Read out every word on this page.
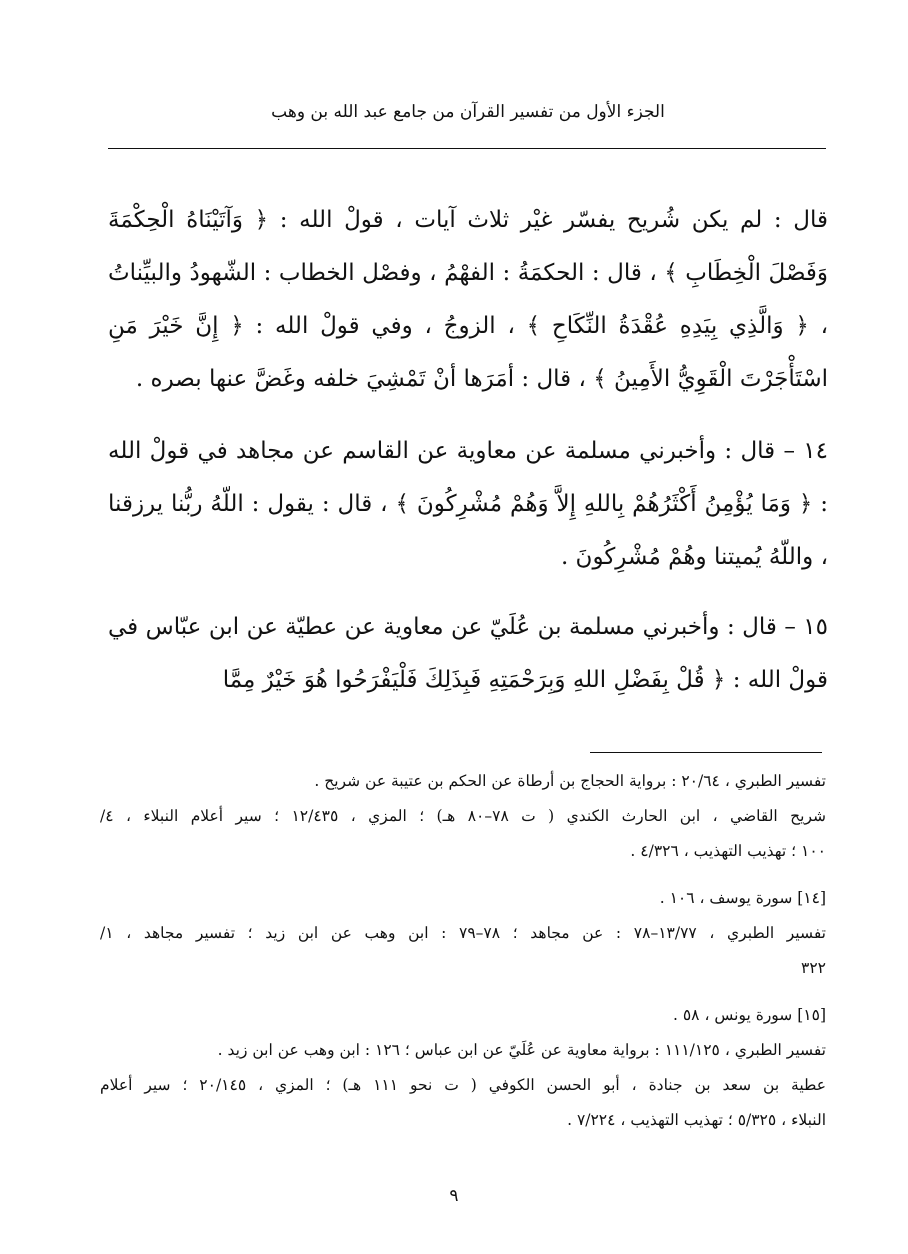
الجزء الأول من تفسير القرآن من جامع عبد الله بن وهب

قال : لم يكن شُريح يفسّر غيْر ثلاث آيات ، قولْ الله : ﴿ وَآتَيْنَاهُ الْحِكْمَةَ وَفَصْلَ الْخِطَابِ ﴾ ، قال : الحكمَةُ : الفهْمُ ، وفصْل الخطاب : الشّهودُ والبيِّناتُ ، ﴿ وَالَّذِي بِيَدِهِ عُقْدَةُ النِّكَاحِ ﴾ ، الزوجُ ، وفي قولْ الله : ﴿ إِنَّ خَيْرَ مَنِ اسْتَأْجَرْتَ الْقَوِيُّ الأَمِينُ ﴾ ، قال : أمَرَها أنْ تَمْشِيَ خلفه وغَضَّ عنها بصره .

١٤ – قال : وأخبرني مسلمة عن معاوية عن القاسم عن مجاهد في قولْ الله : ﴿ وَمَا يُؤْمِنُ أَكْثَرُهُمْ بِاللهِ إِلاَّ وَهُمْ مُشْرِكُونَ ﴾ ، قال : يقول : اللّهُ ربُّنا يرزقنا ، واللّهُ يُميتنا وهُمْ مُشْرِكُونَ .

١٥ – قال : وأخبرني مسلمة بن عُلَيّ عن معاوية عن عطيّة عن ابن عبّاس في قولْ الله : ﴿ قُلْ بِفَضْلِ اللهِ وَبِرَحْمَتِهِ فَبِذَلِكَ فَلْيَفْرَحُوا هُوَ خَيْرٌ مِمَّا

تفسير الطبري ، ٢٠/٦٤ : برواية الحجاج بن أرطاة عن الحكم بن عتيبة عن شريح .
شريح القاضي ، ابن الحارث الكندي ( ت ٧٨–٨٠ هـ) ؛ المزي ، ١٢/٤٣٥ ؛ سير أعلام النبلاء ، ٤/
١٠٠ ؛ تهذيب التهذيب ، ٤/٣٢٦ .
[١٤] سورة يوسف ، ١٠٦ .
تفسير الطبري ، ١٣/٧٧–٧٨ : عن مجاهد ؛ ٧٨–٧٩ : ابن وهب عن ابن زيد ؛ تفسير مجاهد ، ١/
٣٢٢
[١٥] سورة يونس ، ٥٨ .
تفسير الطبري ، ١١١/١٢٥ : برواية معاوية عن عُلَيّ عن ابن عباس ؛ ١٢٦ : ابن وهب عن ابن زيد .
عطية بن سعد بن جنادة ، أبو الحسن الكوفي ( ت نحو ١١١ هـ) ؛ المزي ، ٢٠/١٤٥ ؛ سير أعلام
النبلاء ، ٥/٣٢٥ ؛ تهذيب التهذيب ، ٧/٢٢٤ .
٩
